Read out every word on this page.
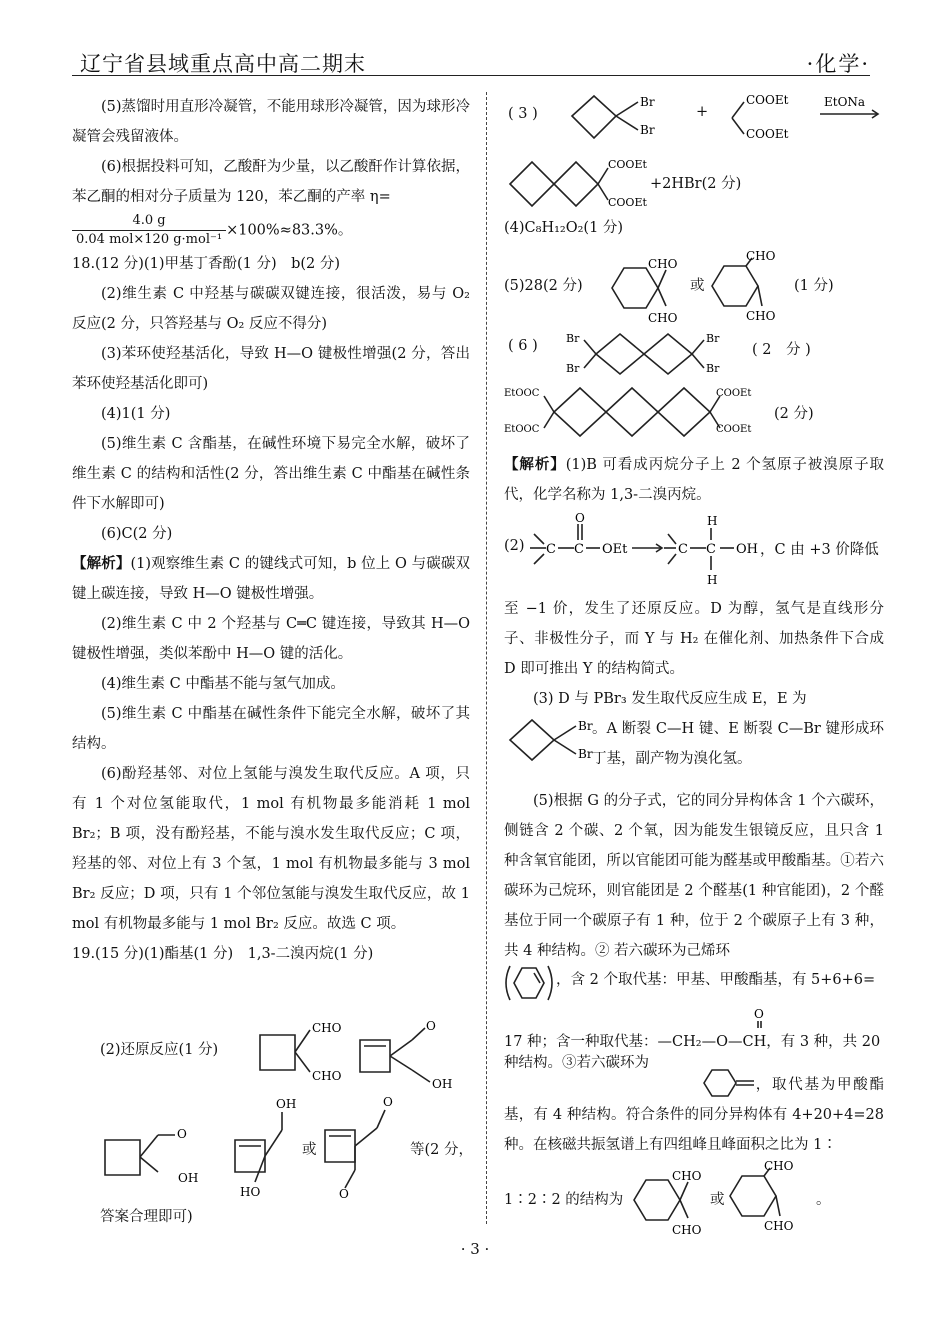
辽宁省县域重点高中高二期末	·化学·

(5)蒸馏时用直形冷凝管，不能用球形冷凝管，因为球形冷凝管会残留液体。

(6)根据投料可知，乙酸酐为少量，以乙酸酐作计算依据，苯乙酮的相对分子质量为 120，苯乙酮的产率 η=

$\frac{4.0 g}{\text{0.04 mol×120 g·mol⁻¹}} \times 100\%\approx 83.3\%$。

18.(12 分)(1)甲基丁香酚(1 分)　b(2 分)

(2)维生素 C 中羟基与碳碳双键连接，很活泼，易与 O₂ 反应(2 分，只答羟基与 O₂ 反应不得分)

(3)苯环使羟基活化，导致 H—O 键极性增强(2 分，答出苯环使羟基活化即可)

(4)1(1 分)

(5)维生素 C 含酯基，在碱性环境下易完全水解，破坏了维生素 C 的结构和活性(2 分，答出维生素 C 中酯基在碱性条件下水解即可)

(6)C(2 分)

【解析】(1)观察维生素 C 的键线式可知，b 位上 O 与碳碳双键上碳连接，导致 H—O 键极性增强。

(2)维生素 C 中 2 个羟基与 C═C 键连接，导致其 H—O 键极性增强，类似苯酚中 H—O 键的活化。

(4)维生素 C 中酯基不能与氢气加成。

(5)维生素 C 中酯基在碱性条件下能完全水解，破坏了其结构。

(6)酚羟基邻、对位上氢能与溴发生取代反应。A 项，只有 1 个对位氢能取代，1 mol 有机物最多能消耗 1 mol Br₂；B 项，没有酚羟基，不能与溴水发生取代反应；C 项，羟基的邻、对位上有 3 个氢，1 mol 有机物最多能与 3 mol Br₂ 反应；D 项，只有 1 个邻位氢能与溴发生取代反应，故 1 mol 有机物最多能与 1 mol Br₂ 反应。故选 C 项。

19.(15 分)(1)酯基(1 分)　1,3-二溴丙烷(1 分)

(2)还原反应(1 分)
CHO
CHO
O
OH
O
OH
OH
HO
或
O
O
等(2 分，
答案合理即可)
( 3 )
Br
Br
+
COOEt
COOEt
EtONa
COOEt
COOEt
+2HBr(2 分)
(4)C₈H₁₂O₂(1 分)
(5)28(2 分)
CHO
CHO
或
CHO
CHO
(1 分)
( 6 )	Br
Br
Br
Br
( 2　分 )
EtOOC
EtOOC
COOEt
COOEt
(2 分)

【解析】(1)B 可看成丙烷分子上 2 个氢原子被溴原子取代，化学名称为 1,3-二溴丙烷。

(2) C C
O
OEt	C C
H
H
OH ，C 由 +3 价降低

至 −1 价，发生了还原反应。D 为醇，氢气是直线形分子、非极性分子，而 Y 与 H₂ 在催化剂、加热条件下合成 D 即可推出 Y 的结构简式。

(3) D 与 PBr₃ 发生取代反应生成 E，E 为

Br
Br

。A 断裂 C—H 键、E 断裂 C—Br 键形成环丁基，副产物为溴化氢。

(5)根据 G 的分子式，它的同分异构体含 1 个六碳环，侧链含 2 个碳、2 个氧，因为能发生银镜反应，且只含 1 种含氧官能团，所以官能团可能为醛基或甲酸酯基。①若六碳环为己烷环，则官能团是 2 个醛基(1 种官能团)，2 个醛基位于同一个碳原子有 1 种，位于 2 个碳原子上有 3 种，共 4 种结构。② 若六碳环为己烯环

，含 2 个取代基：甲基、甲酸酯基，有 5+6+6=
O
17 种；含一种取代基：—CH₂—O—CH，有 3 种，共 20 种结构。③若六碳环为

，取代基为甲酸酯基，有 4 种结构。符合条件的同分异构体有 4+20+4=28 种。在核磁共振氢谱上有四组峰且峰面积之比为 1∶

1∶2∶2 的结构为
CHO
CHO
或
CHO
CHO
。
· 3 ·
